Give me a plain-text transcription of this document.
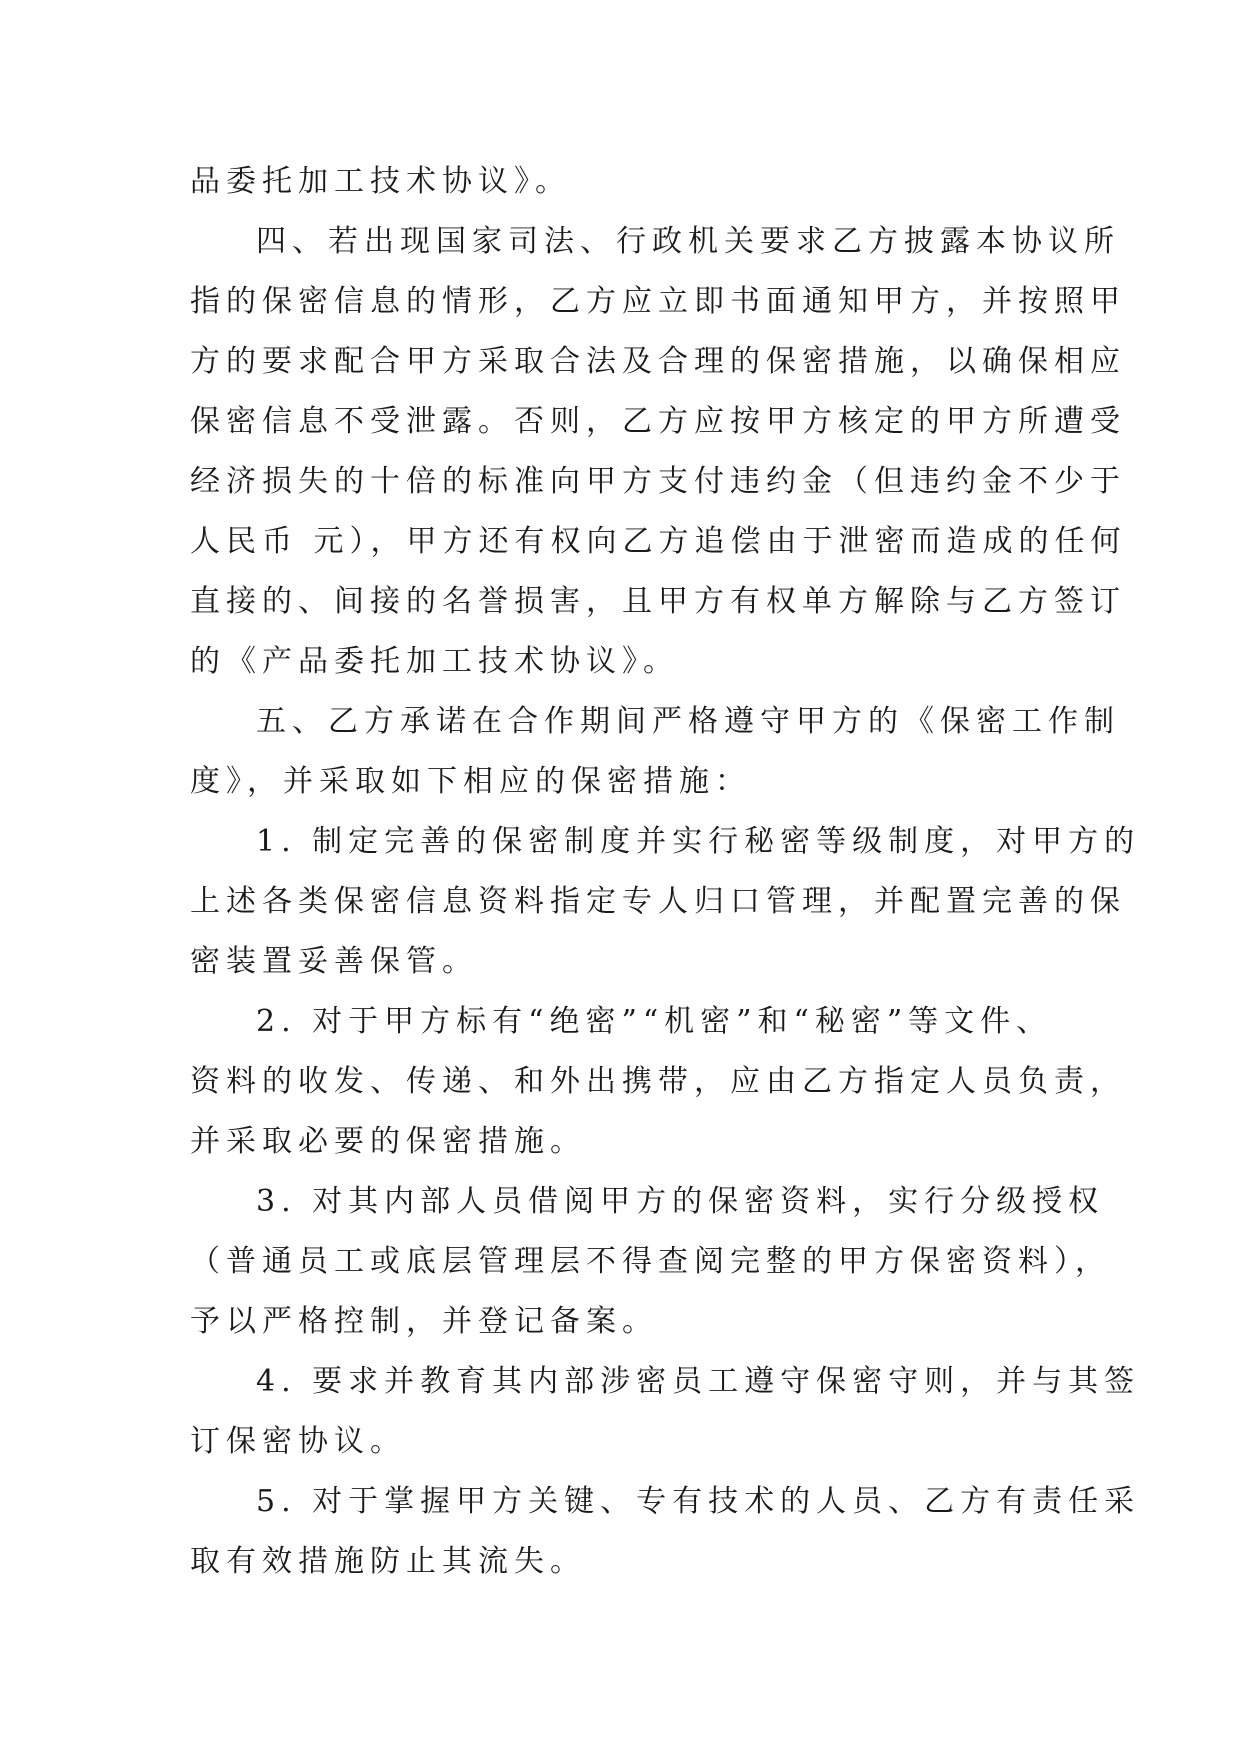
品委托加工技术协议》。
四、若出现国家司法、行政机关要求乙方披露本协议所
指的保密信息的情形，乙方应立即书面通知甲方，并按照甲
方的要求配合甲方采取合法及合理的保密措施，以确保相应
保密信息不受泄露。否则，乙方应按甲方核定的甲方所遭受
经济损失的十倍的标准向甲方支付违约金（但违约金不少于
人民币 元），甲方还有权向乙方追偿由于泄密而造成的任何
直接的、间接的名誉损害，且甲方有权单方解除与乙方签订
的《产品委托加工技术协议》。
五、乙方承诺在合作期间严格遵守甲方的《保密工作制
度》，并采取如下相应的保密措施：
1. 制定完善的保密制度并实行秘密等级制度，对甲方的
上述各类保密信息资料指定专人归口管理，并配置完善的保
密装置妥善保管。
2. 对于甲方标有“绝密”“机密”和“秘密”等文件、
资料的收发、传递、和外出携带，应由乙方指定人员负责，
并采取必要的保密措施。
3. 对其内部人员借阅甲方的保密资料，实行分级授权
（普通员工或底层管理层不得查阅完整的甲方保密资料），
予以严格控制，并登记备案。
4. 要求并教育其内部涉密员工遵守保密守则，并与其签
订保密协议。
5. 对于掌握甲方关键、专有技术的人员、乙方有责任采
取有效措施防止其流失。
